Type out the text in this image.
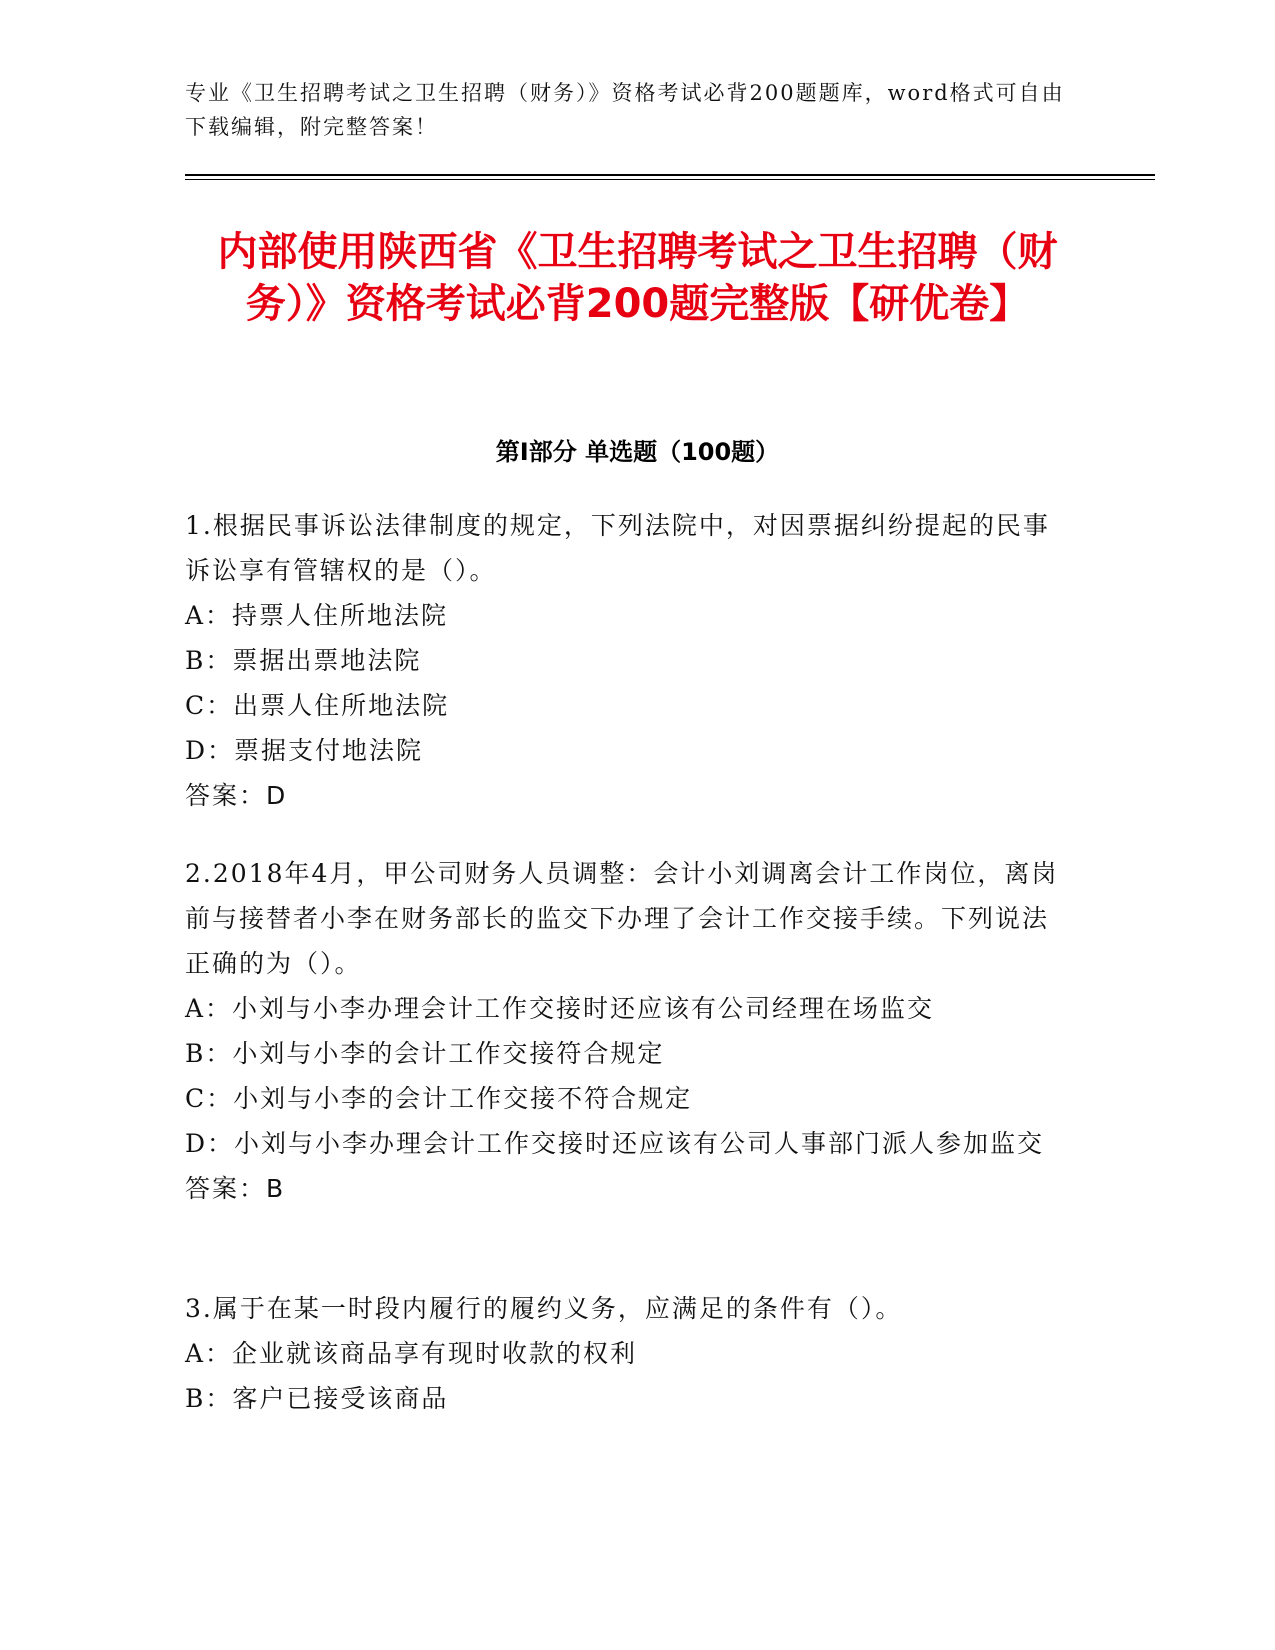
专业《卫生招聘考试之卫生招聘（财务）》资格考试必背200题题库，word格式可自由下载编辑，附完整答案！
内部使用陕西省《卫生招聘考试之卫生招聘（财务）》资格考试必背200题完整版【研优卷】
第I部分 单选题（100题）
1.根据民事诉讼法律制度的规定，下列法院中，对因票据纠纷提起的民事诉讼享有管辖权的是（）。
A：持票人住所地法院
B：票据出票地法院
C：出票人住所地法院
D：票据支付地法院
答案：D
2.2018年4月，甲公司财务人员调整：会计小刘调离会计工作岗位，离岗前与接替者小李在财务部长的监交下办理了会计工作交接手续。下列说法正确的为（）。
A：小刘与小李办理会计工作交接时还应该有公司经理在场监交
B：小刘与小李的会计工作交接符合规定
C：小刘与小李的会计工作交接不符合规定
D：小刘与小李办理会计工作交接时还应该有公司人事部门派人参加监交
答案：B
3.属于在某一时段内履行的履约义务，应满足的条件有（）。
A：企业就该商品享有现时收款的权利
B：客户已接受该商品
